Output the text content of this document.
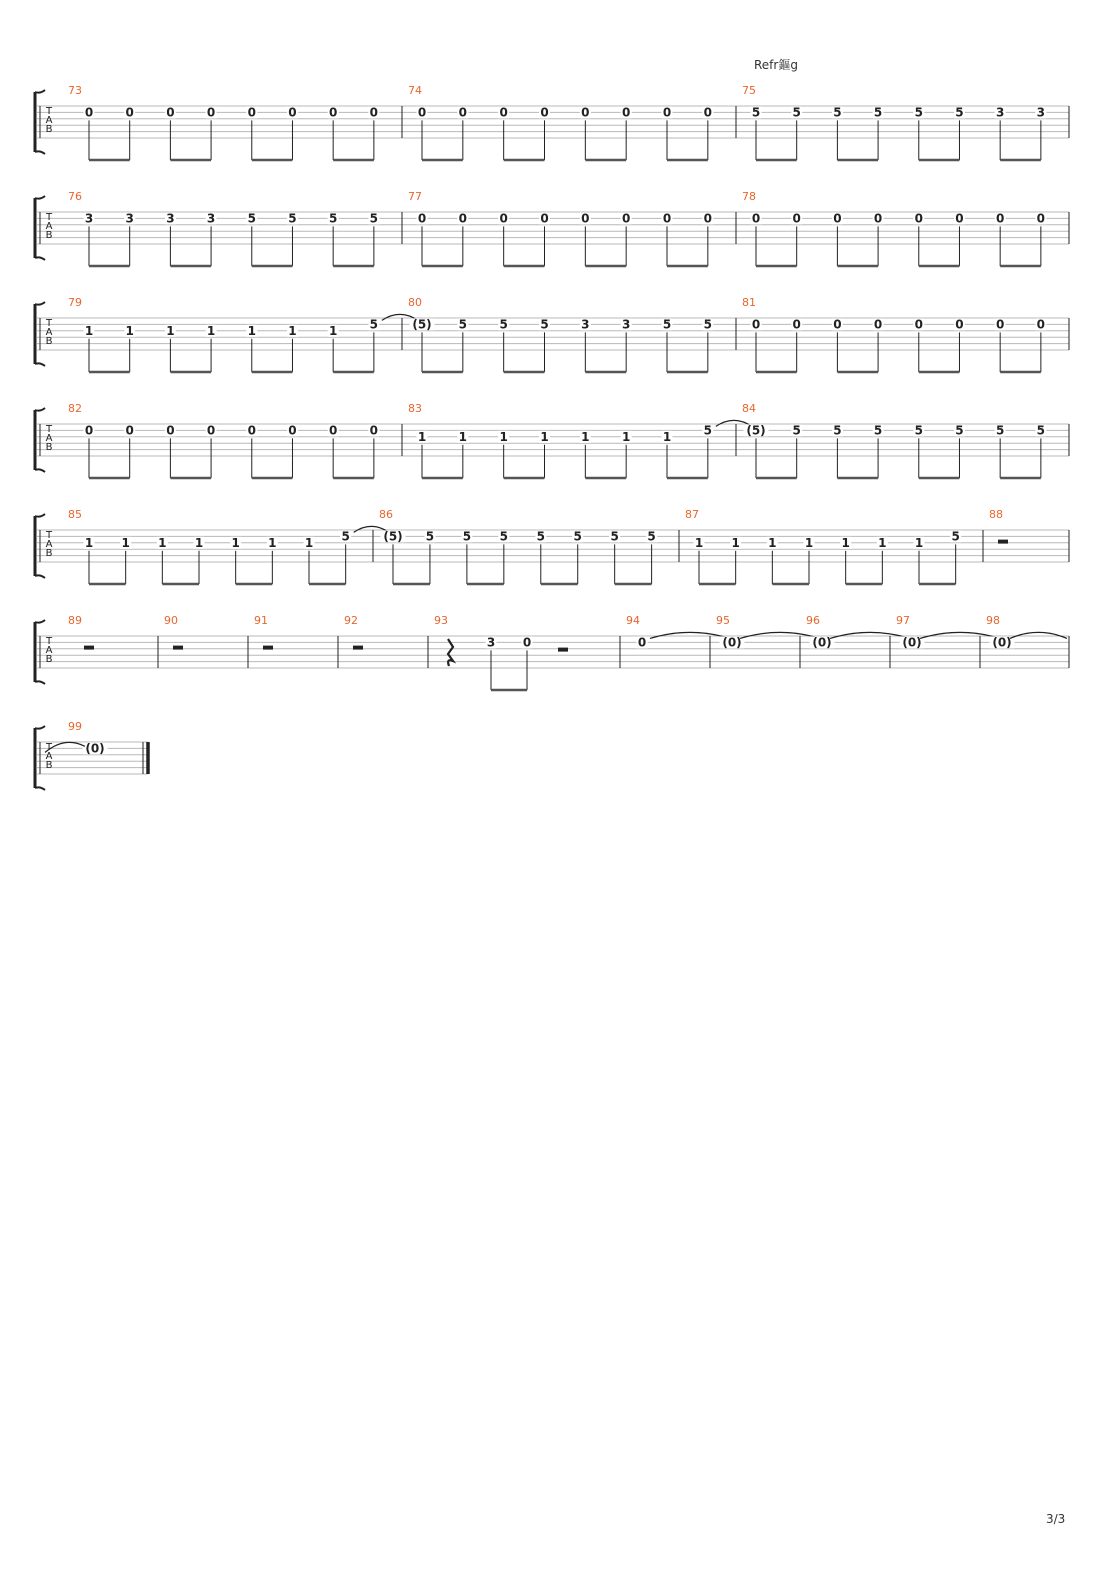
Refr鏂g
3/3
T
A
B
73
0	0	0	0	0	0	0	0
74
0	0	0	0	0	0	0	0
75
5	5	5	5	5	5	3	3
T
A
B
76
3	3	3	3	5	5	5	5
77
0	0	0	0	0	0	0	0
78
0	0	0	0	0	0	0	0
T
A
B
79
1	1	1	1	1	1	1	5
80
(5) 5	5	5	3	3	5	5
81
0	0	0	0	0	0	0	0
T
A
B
82
0	0	0	0	0	0	0	0
83
1	1	1	1	1	1	1	5
84
(5) 5	5	5	5	5	5	5
T
A
B
85
1 1 1 1 1 1 1 5
86
(5) 5 5 5 5 5 5 5
87
1 1 1 1 1 1 1 5
88
T
A
B
89	90	91	92	93
3 0
94
0
95
(0)
96
(0)
97
(0)
98
(0)
T
A
B
99
(0)
